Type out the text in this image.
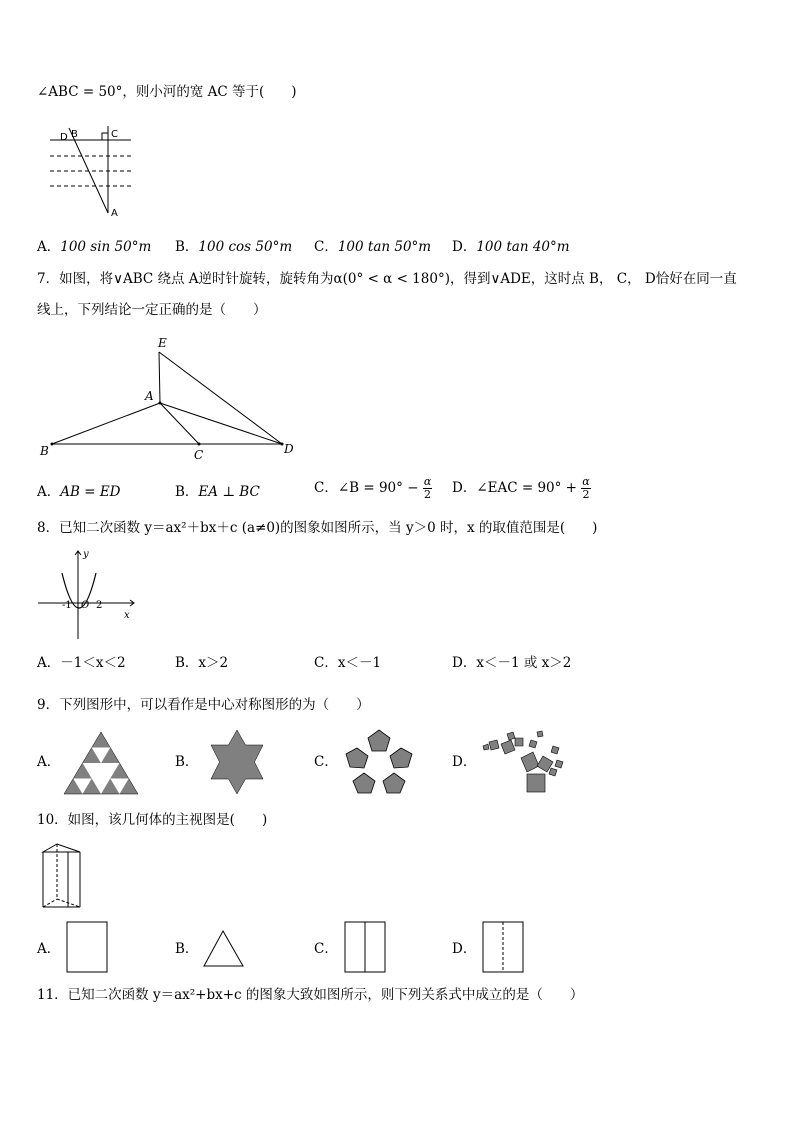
∠ABC = 50°，则小河的宽 AC 等于(　　)
D B	C
A
A．100 sin 50°m B．100 cos 50°m C．100 tan 50°m D．100 tan 40°m
7．如图，将∨ABC 绕点 A逆时针旋转，旋转角为α(0° < α < 180°)，得到∨ADE，这时点 B， C， D恰好在同一直
线上，下列结论一定正确的是（　　）
E
A
B	C	D
A．AB = ED	B．EA ⊥ BC	C．∠B = $90^\circ - \frac{\alpha}{2}$ D．∠EAC = $90^\circ + \frac{\alpha}{2}$
8．已知二次函数 y＝ax²＋bx＋c (a≠0)的图象如图所示，当 y＞0 时，x 的取值范围是(　　)
y
x
-1 O 2
A．－1＜x＜2	B．x＞2	C．x＜－1	D．x＜－1 或 x＞2
9．下列图形中，可以看作是中心对称图形的为（　　）
A．	B．	C．	D．
10．如图，该几何体的主视图是(　　)
A．	B．	C．	D．
11．已知二次函数 y＝ax²+bx+c 的图象大致如图所示，则下列关系式中成立的是（　　）
